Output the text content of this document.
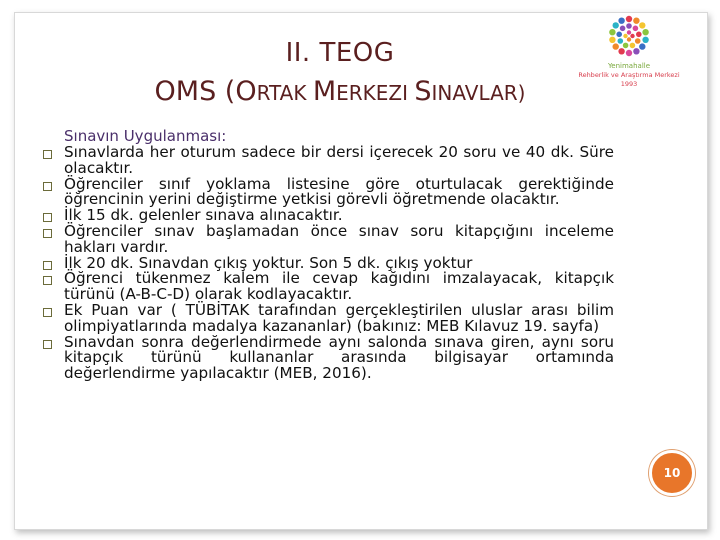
II. TEOG
OMS (ORTAK MERKEZI SINAVLAR)
Yenimahalle
Rehberlik ve Araştırma Merkezi
1993
Sınavın Uygulanması:
Sınavlarda her oturum sadece bir dersi içerecek 20 soru ve 40 dk. Süre olacaktır.
Öğrenciler sınıf yoklama listesine göre oturtulacak gerektiğinde öğrencinin yerini değiştirme yetkisi görevli öğretmende olacaktır.
İlk 15 dk. gelenler sınava alınacaktır.
Öğrenciler sınav başlamadan önce sınav soru kitapçığını inceleme hakları vardır.
İlk 20 dk. Sınavdan çıkış yoktur. Son 5 dk. çıkış yoktur
Öğrenci tükenmez kalem ile cevap kağıdını imzalayacak, kitapçık türünü (A-B-C-D) olarak kodlayacaktır.
Ek Puan var ( TÜBİTAK tarafından gerçekleştirilen uluslar arası bilim olimpiyatlarında madalya kazananlar) (bakınız: MEB Kılavuz 19. sayfa)
Sınavdan sonra değerlendirmede aynı salonda sınava giren, aynı soru kitapçık türünü kullananlar arasında bilgisayar ortamında değerlendirme yapılacaktır (MEB, 2016).
10
